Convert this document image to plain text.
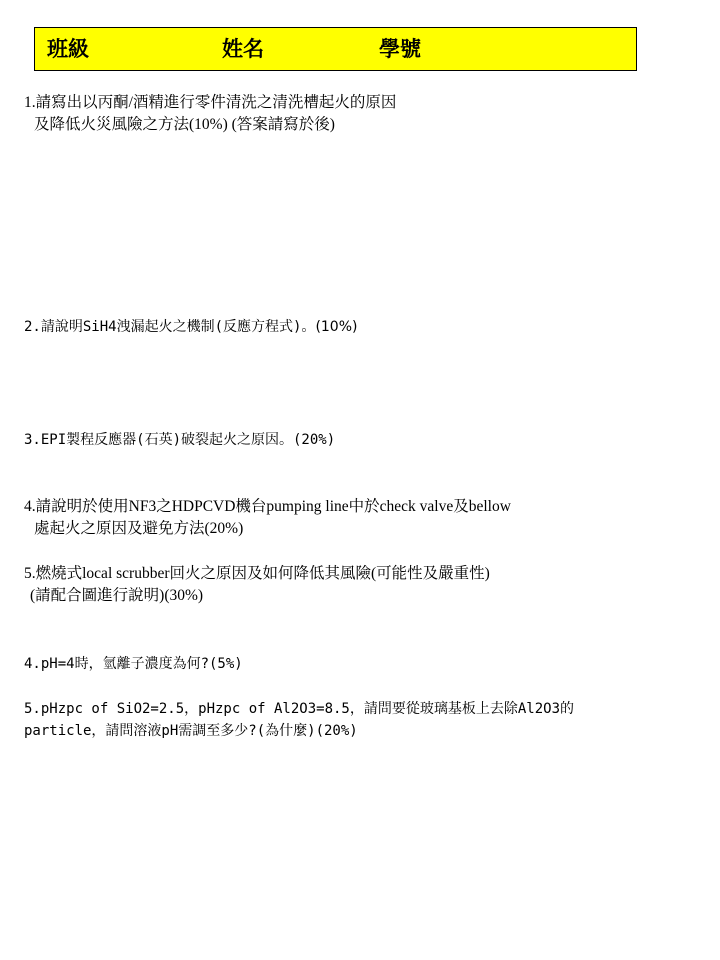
班級	姓名	學號
1.請寫出以丙酮/酒精進行零件清洗之清洗槽起火的原因
及降低火災風險之方法(10%) (答案請寫於後)
2.請說明SiH4洩漏起火之機制(反應方程式)。(10%)
3.EPI製程反應器(石英)破裂起火之原因。(20%)
4.請說明於使用NF3之HDPCVD機台pumping line中於check valve及bellow
處起火之原因及避免方法(20%)
5.燃燒式local scrubber回火之原因及如何降低其風險(可能性及嚴重性)
(請配合圖進行說明)(30%)
4.pH=4時，氫離子濃度為何?(5%)
5.pHzpc of SiO2=2.5，pHzpc of Al2O3=8.5，請問要從玻璃基板上去除Al2O3的
particle，請問溶液pH需調至多少?(為什麼)(20%)
